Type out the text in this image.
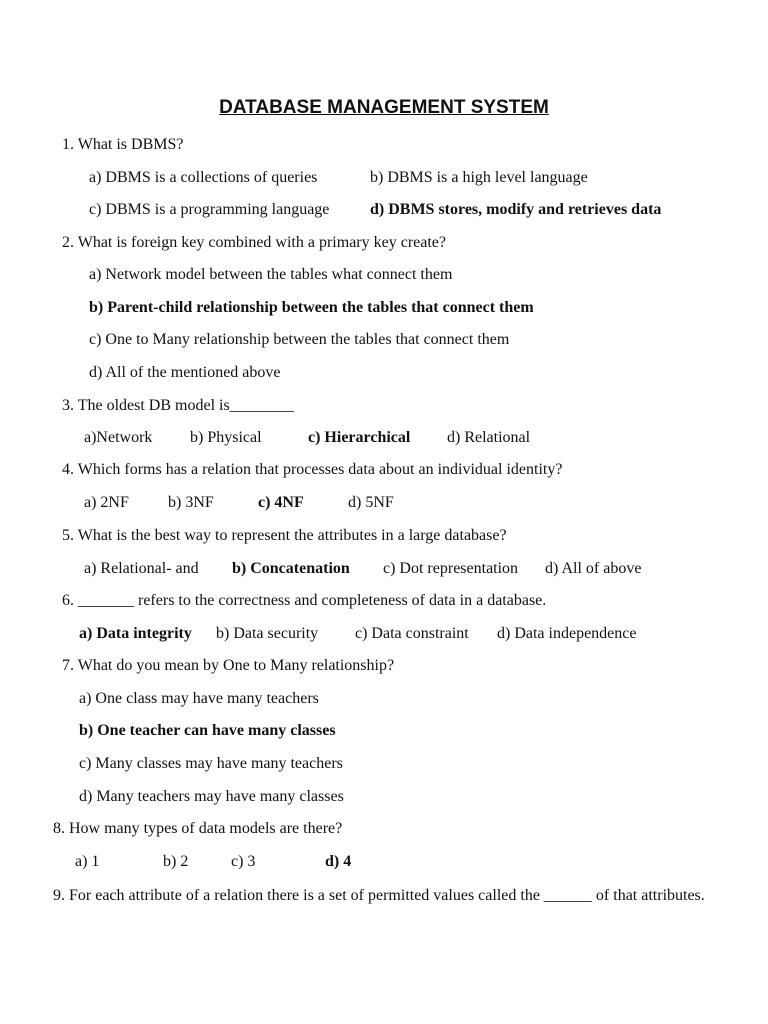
DATABASE MANAGEMENT SYSTEM
1. What is DBMS?
a) DBMS is a collections of queries	b) DBMS is a high level language
c) DBMS is a programming language	d) DBMS stores, modify and retrieves data
2. What is foreign key combined with a primary key create?
a) Network model between the tables what connect them
b) Parent-child relationship between the tables that connect them
c) One to Many relationship between the tables that connect them
d) All of the mentioned above
3. The oldest DB model is________
a)Network b) Physical	c) Hierarchical d) Relational
4. Which forms has a relation that processes data about an individual identity?
a) 2NF b) 3NF	c) 4NF	d) 5NF
5. What is the best way to represent the attributes in a large database?
a) Relational- and b) Concatenation c) Dot representation d) All of above
6. _______ refers to the correctness and completeness of data in a database.
a) Data integrity b) Data security c) Data constraint d) Data independence
7. What do you mean by One to Many relationship?
a) One class may have many teachers
b) One teacher can have many classes
c) Many classes may have many teachers
d) Many teachers may have many classes
8. How many types of data models are there?
a) 1	b) 2	c) 3	d) 4
9. For each attribute of a relation there is a set of permitted values called the ______ of that attributes.
